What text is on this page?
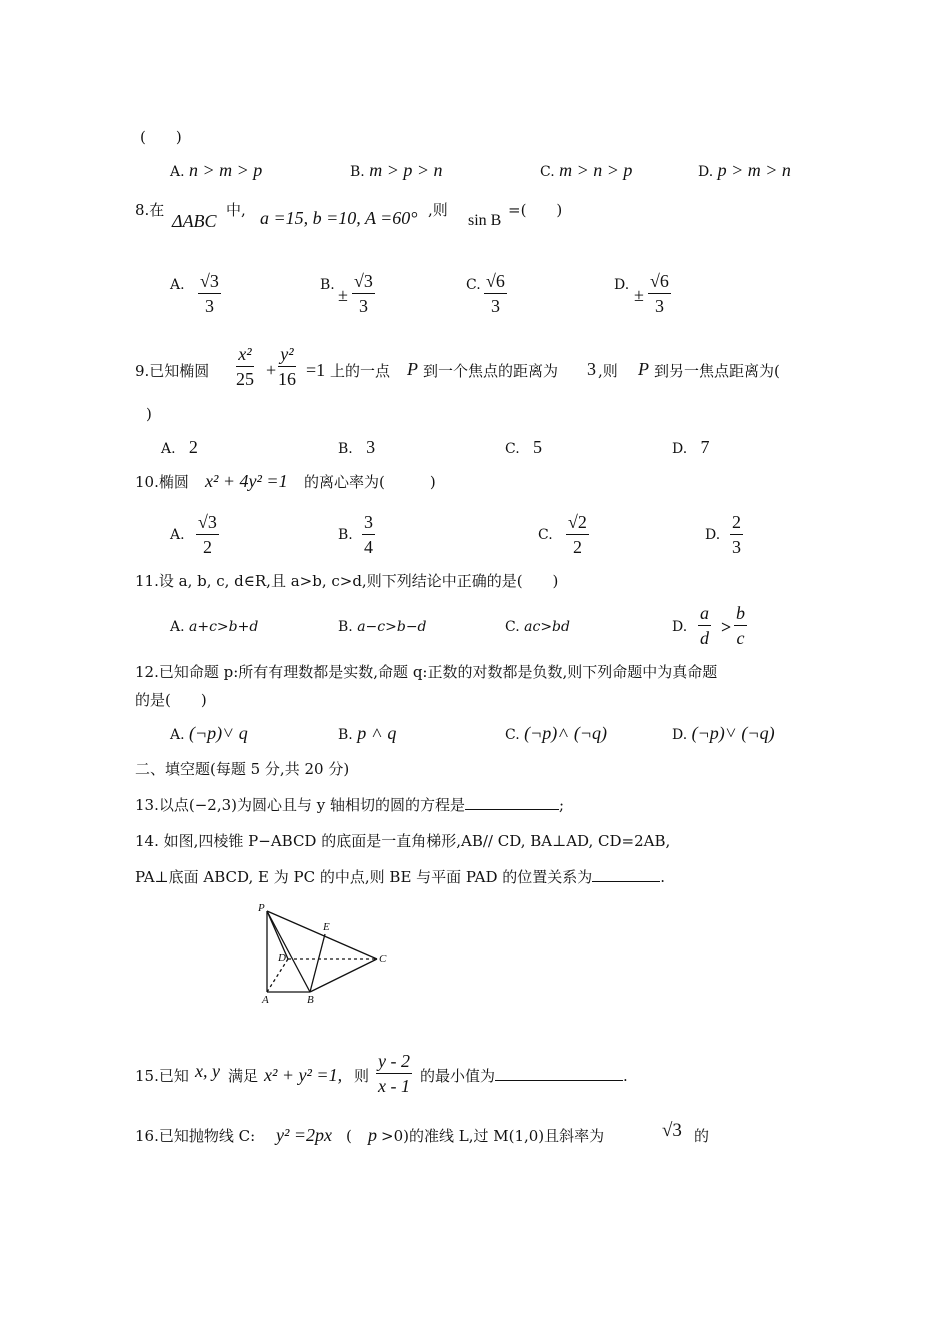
(　　)
A. n > m > p	B. m > p > n	C. m > n > p	D. p > m > n
8.在
ΔABC
中, a =15, b =10, A =60° ,则
sin B
=(　　)
A. $\frac{√3}{3}$	B. ± $\frac{√3}{3}$	C. $\frac{√6}{3}$	D. ± $\frac{√6}{3}$
9.已知椭圆 $\frac{\text{x²}}{25} + \frac{\text{y²}}{16} =1$ 上的一点 P 到一个焦点的距离为 3 ,则 P 到另一焦点距离为(
)
A. 2	B. 3	C. 5	D. 7
10.椭圆 x² + 4y² =1 的离心率为(　　　)
A. $\frac{√3}{2}$	B. $\frac{3}{4}$	C. $\frac{√2}{2}$	D. $\frac{2}{3}$
11.设 a, b, c, d∈R,且 a>b, c>d,则下列结论中正确的是(　　)
A. a+c>b+d	B. a−c>b−d	C. ac>bd	D. $\frac{a}{d} > \frac{b}{c}$
12.已知命题 p:所有有理数都是实数,命题 q:正数的对数都是负数,则下列命题中为真命题
的是(　　)
A. (¬p)˅ q	B. p ˄ q	C. (¬p)˄ (¬q)	D. (¬p)˅ (¬q)
二、填空题(每题 5 分,共 20 分)
13.以点(−2,3)为圆心且与 y 轴相切的圆的方程是	;
14. 如图,四棱锥 P−ABCD 的底面是一直角梯形,AB// CD, BA⊥AD, CD=2AB,
PA⊥底面 ABCD, E 为 PC 的中点,则 BE 与平面 PAD 的位置关系为	.
P
E
D	C
A	B
15.已知 x, y 满足 x² + y² =1, 则 $\frac{y - 2}{x - 1}$ 的最小值为	.
16.已知抛物线 C: y² =2px ( p >0)的准线 L,过 M(1,0)且斜率为	√3 的
